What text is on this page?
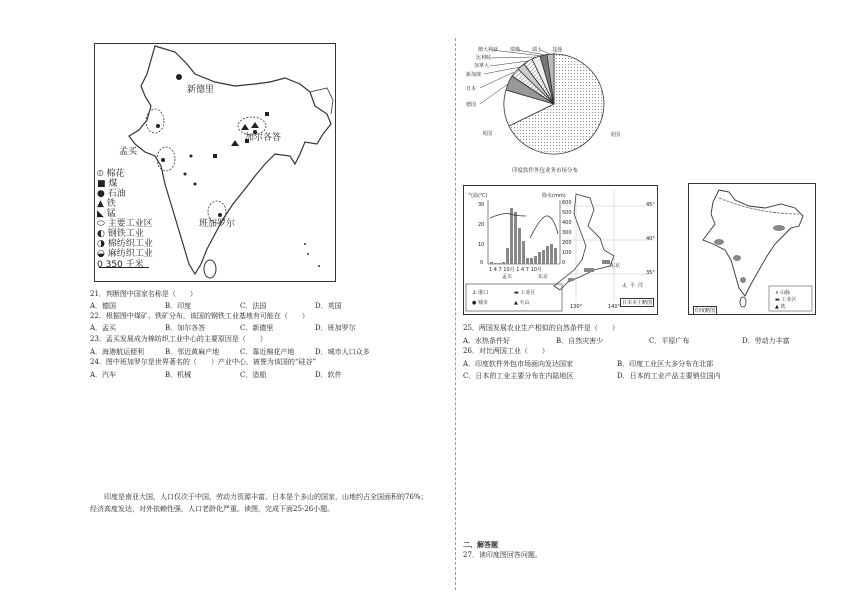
新德里
孟买
加尔各答
班加罗尔
⦶ 棉花
■ 煤
● 石油
▲ 铁
◣ 锰
⬭ 主要工业区
◐ 钢铁工业
◑ 棉纺织工业
◒ 麻纺织工业
0 350 千米
21．判断图中国家名称是（　　）
A．德国	B．印度	C．法国	D．英国
22．根据图中煤矿、铁矿分布，该国的钢铁工业基地有可能在（　　）
A．孟买	B．加尔各答	C．新德里	D．班加罗尔
23．孟买发展成为棉纺织工业中心的主要原因是（　　）
A．海港航运便利	B．邻近黄麻产地	C．靠近棉花产地	D．城市人口众多
24．图中班加罗尔是世界著名的（　　）产业中心，被誉为该国的“硅谷”
A．汽车	B．机械	C．造船	D．软件
印度是南亚大国，人口仅次于中国，劳动力资源丰富。日本是个多山的国家，山地约占全国面积的76%；
经济高度发达，对外依赖性强，人口老龄化严重。读图，完成下面25-26小题。
澳大利亚 瑞典 瑞士 其他
比利时
加拿大
新加坡
日本
德国
英国	美国
印度软件外包业务市场分布
气温(℃)	降水(mm)
30
20
10
0
600
500
400
300
200
100
0
1 4 7 10月 1 4 7 10月
孟买	东京
东京
太 平 洋
45°
40°
35°
130°	140°
⚓ 港口	▬ 工业区
● 城市	▲ 火山	日本本土略图
∧ 山脉
▬ 工业区
▲ 铁
印度略图
25．两国发展农业生产相似的自然条件是（　　）
A．水热条件好	B．自然灾害少	C．平原广布	D．劳动力丰富
26．对比两国工业（　　）
A．印度软件外包市场面向发达国家	B．印度工业区大多分布在北部
C．日本的工业主要分布在内陆地区	D．日本的工业产品主要销往国内
二、解答题
27．读印度图回答问题。
